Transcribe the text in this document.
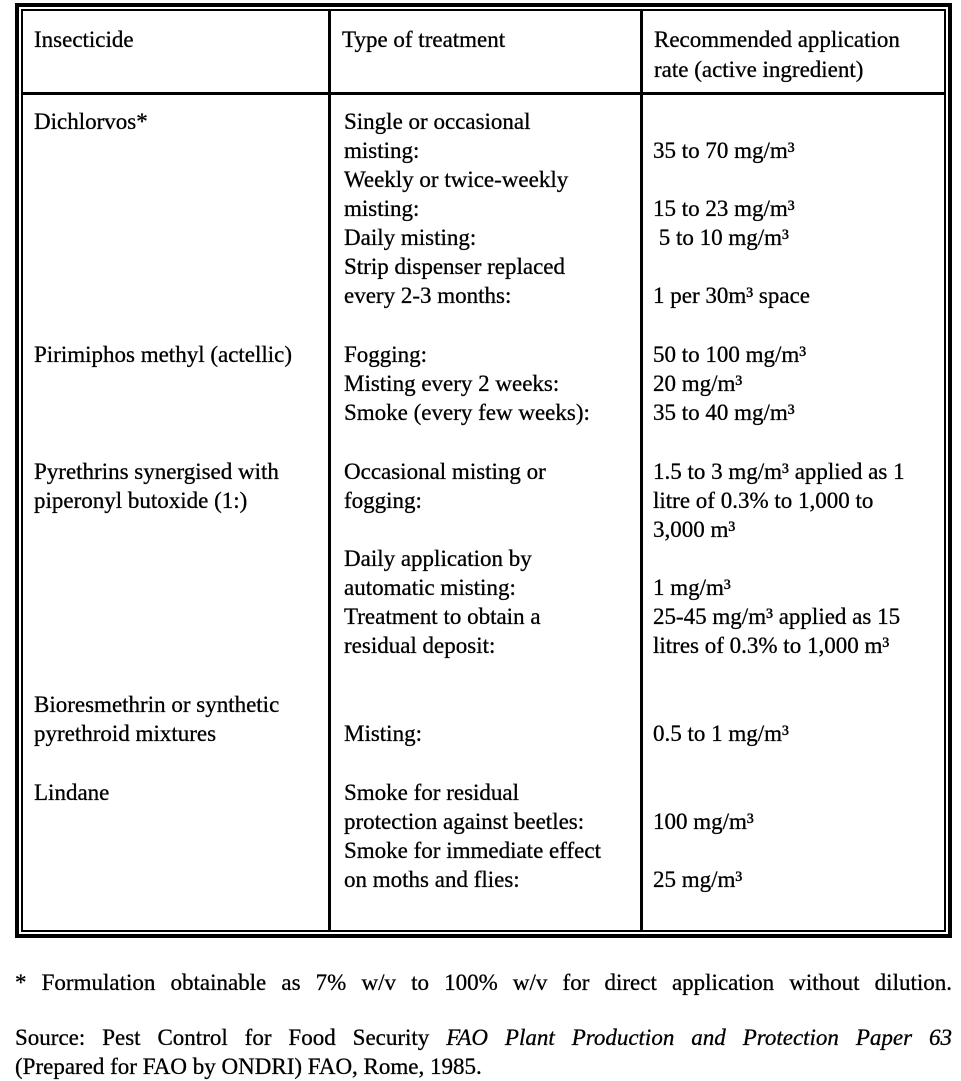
Insecticide	Type of treatment	Recommended application rate (active ingredient)
Dichlorvos*
Pirimiphos methyl (actellic)
Pyrethrins synergised with
piperonyl butoxide (1:)
Bioresmethrin or synthetic
pyrethroid mixtures
Lindane
Single or occasional
misting:
Weekly or twice-weekly
misting:
Daily misting:
Strip dispenser replaced
every 2-3 months:
Fogging:
Misting every 2 weeks:
Smoke (every few weeks):
Occasional misting or
fogging:
Daily application by
automatic misting:
Treatment to obtain a
residual deposit:
Misting:
Smoke for residual
protection against beetles:
Smoke for immediate effect
on moths and flies:
35 to 70 mg/m³
15 to 23 mg/m³
5 to 10 mg/m³
1 per 30m³ space
50 to 100 mg/m³
20 mg/m³
35 to 40 mg/m³
1.5 to 3 mg/m³ applied as 1
litre of 0.3% to 1,000 to
3,000 m³
1 mg/m³
25-45 mg/m³ applied as 15
litres of 0.3% to 1,000 m³
0.5 to 1 mg/m³
100 mg/m³
25 mg/m³

* Formulation obtainable as 7% w/v to 100% w/v for direct application without dilution.

Source: Pest Control for Food Security FAO Plant Production and Protection Paper 63
(Prepared for FAO by ONDRI) FAO, Rome, 1985.
